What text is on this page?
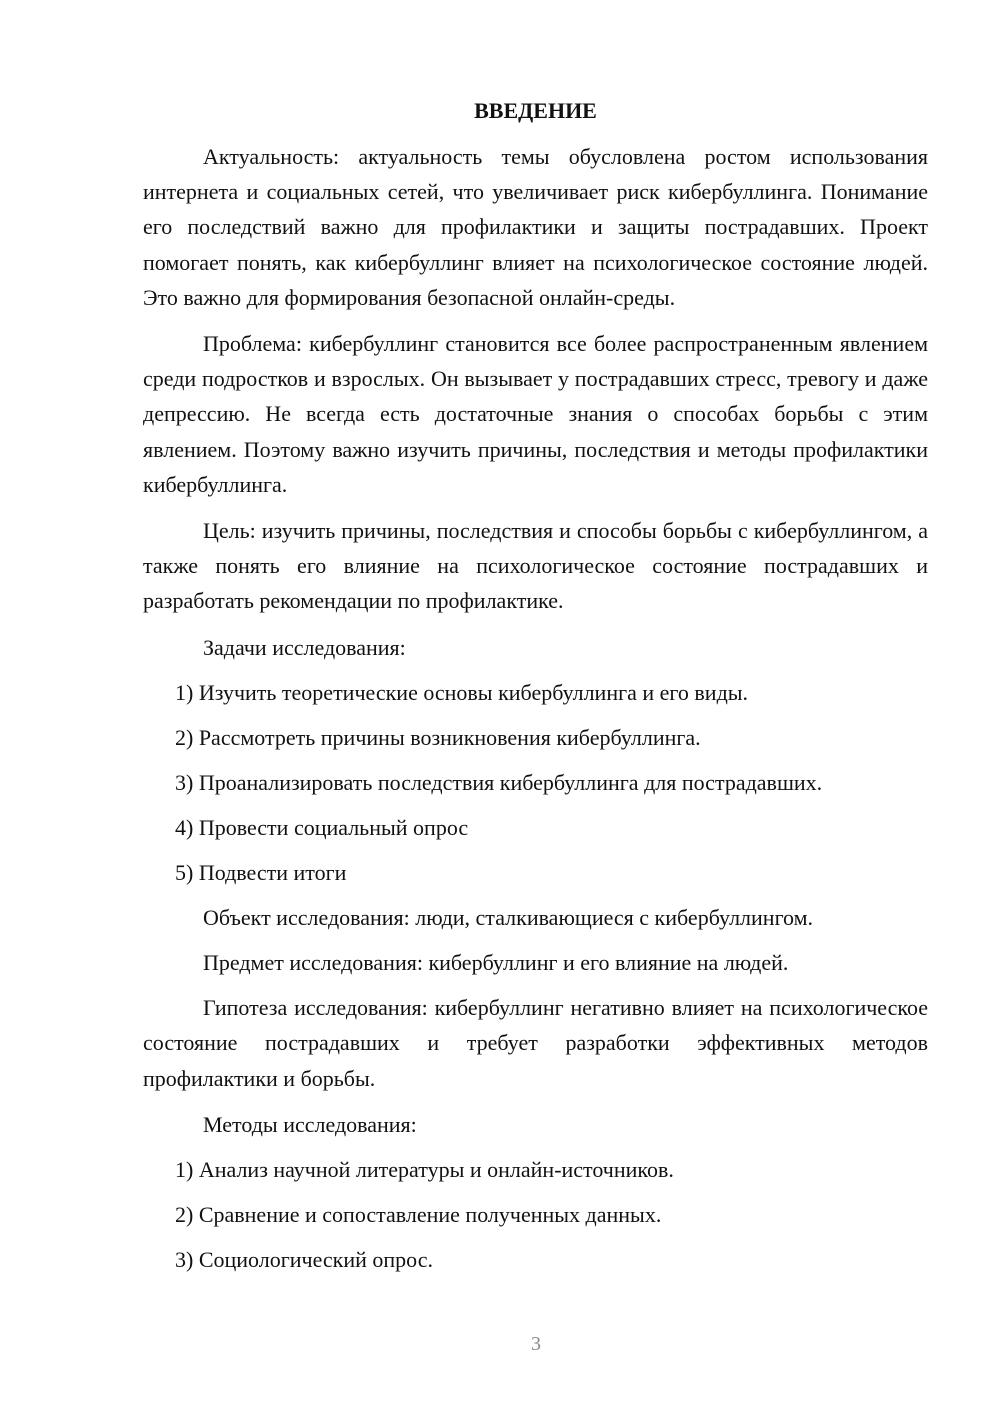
ВВЕДЕНИЕ

Актуальность: актуальность темы обусловлена ростом использования интернета и социальных сетей, что увеличивает риск кибербуллинга. Понимание его последствий важно для профилактики и защиты пострадавших. Проект помогает понять, как кибербуллинг влияет на психологическое состояние людей. Это важно для формирования безопасной онлайн-среды.

Проблема: кибербуллинг становится все более распространенным явлением среди подростков и взрослых. Он вызывает у пострадавших стресс, тревогу и даже депрессию. Не всегда есть достаточные знания о способах борьбы с этим явлением. Поэтому важно изучить причины, последствия и методы профилактики кибербуллинга.

Цель: изучить причины, последствия и способы борьбы с кибербуллингом, а также понять его влияние на психологическое состояние пострадавших и разработать рекомендации по профилактике.

Задачи исследования:

1) Изучить теоретические основы кибербуллинга и его виды.

2) Рассмотреть причины возникновения кибербуллинга.

3) Проанализировать последствия кибербуллинга для пострадавших.

4) Провести социальный опрос

5) Подвести итоги

Объект исследования: люди, сталкивающиеся с кибербуллингом.

Предмет исследования: кибербуллинг и его влияние на людей.

Гипотеза исследования: кибербуллинг негативно влияет на психологическое состояние пострадавших и требует разработки эффективных методов профилактики и борьбы.

Методы исследования:

1) Анализ научной литературы и онлайн-источников.

2) Сравнение и сопоставление полученных данных.

3) Социологический опрос.

3
